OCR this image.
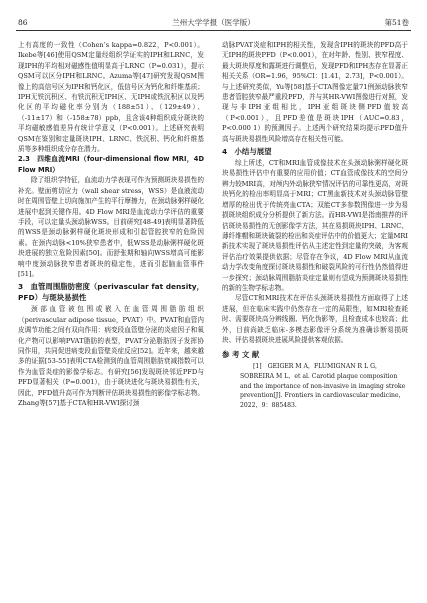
86	兰州大学学报（医学版）	第51卷

上有高度的一致性（Cohen’s kappa=0.822，P<0.001）。Ikebe等[46]使用QSM定量经组织学证实的IPH和LRNC，发现IPH的平均相对磁感性值明显高于LRNC（P=0.031），提示QSM可以区分IPH和LRNC。Azuma等[47]研究发现QSM图像上的高信号区为IPH和钙化区，低信号区为钙化和纤维基质；IPH无铁沉积区、有铁沉积无IPH区、无IPH或铁沉积区以及钙化区的平均磁化率分别为（188±51）、（129±49）、（-11±17）和（-158±78）ppb，且含该4种组织成分斑块的平均磁敏感值差异有统计学意义（P<0.001）。上述研究表明QSM在鉴别和定量斑块IPH、LRNC、铁沉积、钙化和纤维基质等多种组织成分存在潜力。

2.3　四维血流MRI（four-dimensional flow MRI，4D Flow MRI）

除了组织学特征，血流动力学表现可作为预测斑块易损性的补充。壁面剪切应力（wall shear stress，WSS）是血液流动时在周围管壁上切向施加产生的平行摩擦力，在颈动脉粥样硬化进展中起到关键作用。4D Flow MRI是血流动力学评估的重要手段，可以定量头颈动脉WSS。目前研究[48-49]表明显著降低的WSS是颈动脉粥样硬化斑块形成和引起管腔狭窄的危险因素。在颈内动脉<10%狭窄患者中，低WSS是动脉粥样硬化斑块进展的独立危险因素[50]。而舒张期和轴向WSS增高可能影响中度颈动脉狭窄患者斑块的稳定性，进而引起脑血管事件[51]。

3　血管周围脂肪密度（perivascular fat density，PFD）与斑块易损性

颈部血管被包围或嵌入在血管周围脂肪组织（perivascular adipose tissue，PVAT）中。PVAT和血管内皮调节功能之间有双向作用：病变段血管壁分泌的炎症因子和氧化产物可以影响PVAT脂肪的表型，PVAT分泌脂肪因子发挥协同作用，共同促进病变段血管壁炎症反应[52]。近年来，越来越多的证据[53-55]表明CTA检测到的血管周围脂肪衰减指数可以作为血管炎症的影像学标志。有研究[56]发现斑块邻近PFD与PFD显著相关（P=0.001），由于斑块进化与斑块易损性有关，因此，PFD值升高可作为判断评估斑块易损性的影像学标志物。Zhang等[57]基于CTA和HR-VWI探讨颈

动脉PVAT炎症和IPH的相关性，发现含IPH的斑块的PFD高于无IPH的斑块PFD（P<0.001），在对年龄、性别、狭窄程度、最大斑块厚度和露斑进行调整后，发现PFD和IPH杰存在显著正相关关系（OR=1.96，95%CI：[1.41，2.73]，P<0.001）。与上述研究类似，Yu等[58]基于CTA图像定量71例颈动脉狭窄患者管腔狭窄最严重段PFD，并与其HR-VWI图像进行对照，发现与非IPH亚组相比，IPH亚组斑块侧PFD值较高（P<0.001），且PFD差值是斑块IPH（AUC=0.83，P<0.000 1）的预测因子。上述两个研究结果均提示PFD值升高与斑块易损性风险增高存在相关性可能。

4　小结与展望

综上所述，CT和MRI血管成像技术在头颈动脉粥样硬化斑块易损性评估中有重要的应用价值；CT血管成像技术的空间分辨力较MRI高，对颅内外动脉狭窄情况评估的可靠性更高，对斑块钙化的检出率明显高于MRI；CT黑血新技术对头颈动脉管壁增厚的检出优于传统亮血CTA；双能CT多参数图像进一步为易损斑块组织成分分析提供了新方法。而HR-VWI是指南推荐的评估斑块易损性的无创影像学方法，其在易损斑块IPH、LRNC、薄纤维帽和斑块破裂的检出和炎症评估中的价值更大；定量MRI新技术实现了斑块易损性评估从主述定性到定量的突破，为客观评估治疗效果提供依据；尽管存在争议，4D Flow MRI从血流动力学改变角度探讨斑块易损性和破裂风险的可行性仍然值得进一步探究；颈动脉周围脂肪炎症定量则有望成为预测斑块易损性的新的生物学标志物。

尽管CT和MRI技术在评估头颈斑块易损性方面取得了上述进展，但在临床实践中仍然存在一定的局限性，如MRI检查耗时、需要斑块高分辨线圈、钙化伪影等，且检查成本也较高；此外，目前尚缺乏临床-多模态影像评分系统为准确诊断易损斑块、评估易损斑块进展风险提供客观依据。

参 考 文 献

[1]　GEIGER M A，FLUMIGNAN R L G，SOBREIRA M L，et al. Carotid plaque composition and the importance of non-invasive in imaging stroke prevention[J]. Frontiers in cardiovascular medicine，2022，9：885483.
